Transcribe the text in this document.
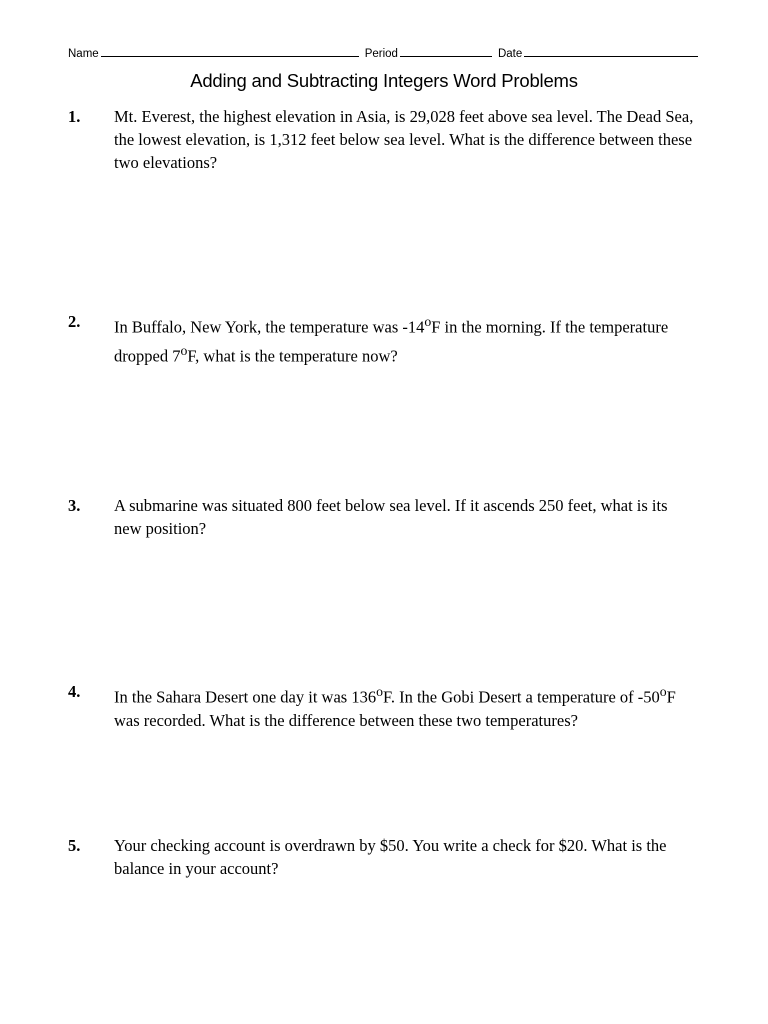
Name	Period	Date
Adding and Subtracting Integers Word Problems
1. Mt. Everest, the highest elevation in Asia, is 29,028 feet above sea level. The Dead Sea, the lowest elevation, is 1,312 feet below sea level. What is the difference between these two elevations?
2. In Buffalo, New York, the temperature was -14$^o$F in the morning. If the temperature dropped 7$^o$F, what is the temperature now?
3. A submarine was situated 800 feet below sea level. If it ascends 250 feet, what is its new position?
4. In the Sahara Desert one day it was 136$^o$F. In the Gobi Desert a temperature of -50$^o$F was recorded. What is the difference between these two temperatures?
5. Your checking account is overdrawn by $50. You write a check for $20. What is the balance in your account?
